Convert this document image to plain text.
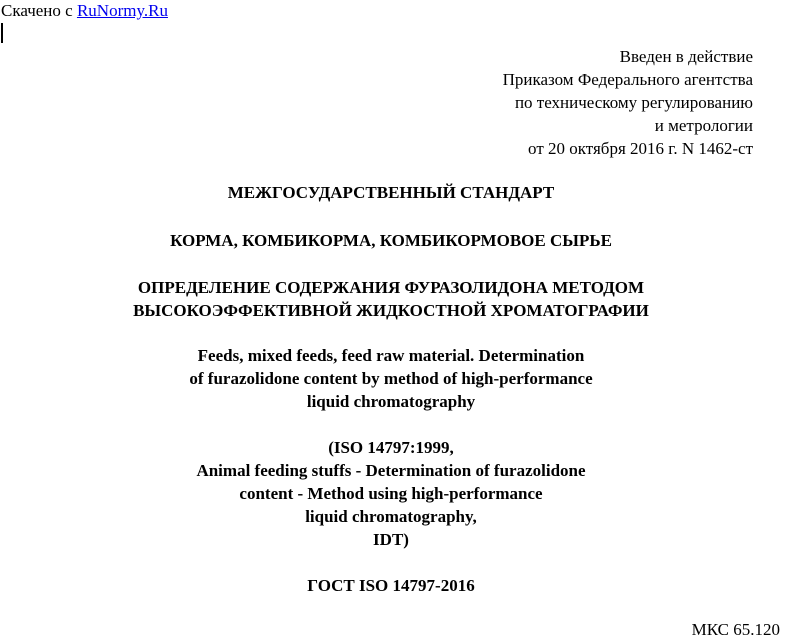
Скачено с RuNormy.Ru
Введен в действие
Приказом Федерального агентства
по техническому регулированию
и метрологии
от 20 октября 2016 г. N 1462-ст
МЕЖГОСУДАРСТВЕННЫЙ СТАНДАРТ
КОРМА, КОМБИКОРМА, КОМБИКОРМОВОЕ СЫРЬЕ
ОПРЕДЕЛЕНИЕ СОДЕРЖАНИЯ ФУРАЗОЛИДОНА МЕТОДОМ
ВЫСОКОЭФФЕКТИВНОЙ ЖИДКОСТНОЙ ХРОМАТОГРАФИИ
Feeds, mixed feeds, feed raw material. Determination
of furazolidone content by method of high-performance
liquid chromatography
(ISO 14797:1999,
Animal feeding stuffs - Determination of furazolidone
content - Method using high-performance
liquid chromatography,
IDT)
ГОСТ ISO 14797-2016
МКС 65.120
